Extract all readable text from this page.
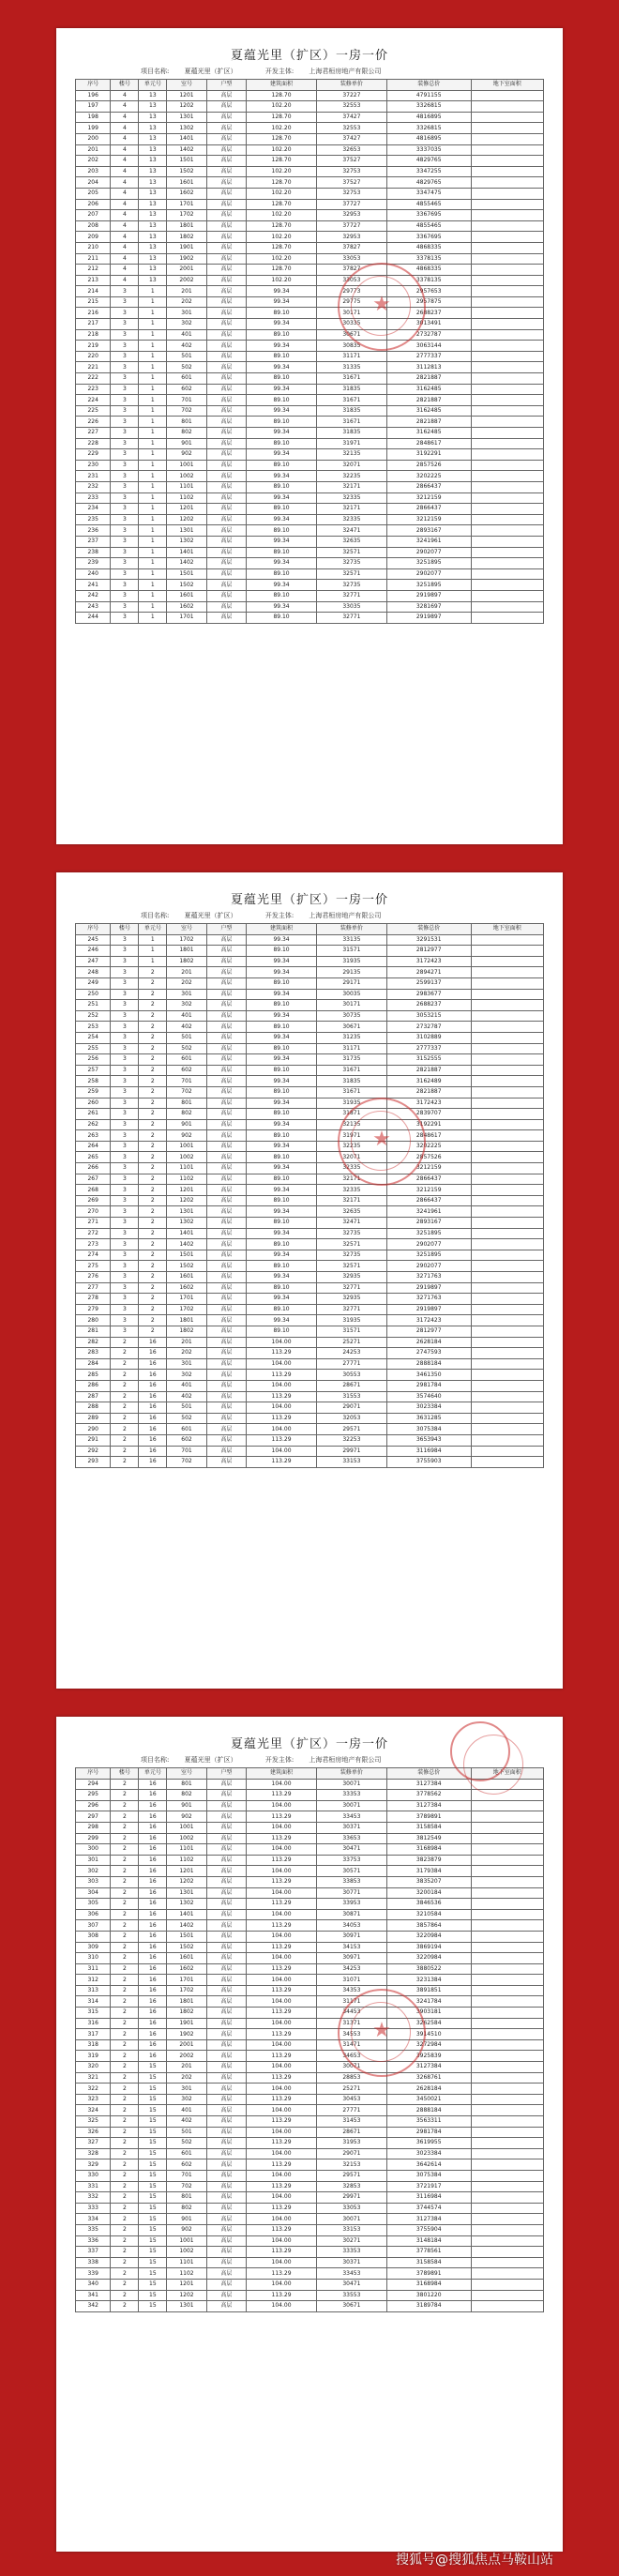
夏蕴光里（扩区）一房一价
项目名称: 夏蕴光里（扩区）	开发主体: 上海君桓房地产有限公司
序号	楼号	单元号	室号	户型	建筑面积	装修单价	装修总价	地下室面积
196	4	13	1201	高层	128.70	37227	4791155	
197	4	13	1202	高层	102.20	32553	3326815	
198	4	13	1301	高层	128.70	37427	4816895	
199	4	13	1302	高层	102.20	32553	3326815	
200	4	13	1401	高层	128.70	37427	4816895	
201	4	13	1402	高层	102.20	32653	3337035	
202	4	13	1501	高层	128.70	37527	4829765	
203	4	13	1502	高层	102.20	32753	3347255	
204	4	13	1601	高层	128.70	37527	4829765	
205	4	13	1602	高层	102.20	32753	3347475	
206	4	13	1701	高层	128.70	37727	4855465	
207	4	13	1702	高层	102.20	32953	3367695	
208	4	13	1801	高层	128.70	37727	4855465	
209	4	13	1802	高层	102.20	32953	3367695	
210	4	13	1901	高层	128.70	37827	4868335	
211	4	13	1902	高层	102.20	33053	3378135	
212	4	13	2001	高层	128.70	37827	4868335	
213	4	13	2002	高层	102.20	33053	3378135	
214	3	1	201	高层	99.34	29773	2957653	
215	3	1	202	高层	99.34	29775	2957875	
216	3	1	301	高层	89.10	30171	2688237	
217	3	1	302	高层	99.34	30335	3013491	
218	3	1	401	高层	89.10	30671	2732787	
219	3	1	402	高层	99.34	30835	3063144	
220	3	1	501	高层	89.10	31171	2777337	
221	3	1	502	高层	99.34	31335	3112813	
222	3	1	601	高层	89.10	31671	2821887	
223	3	1	602	高层	99.34	31835	3162485	
224	3	1	701	高层	89.10	31671	2821887	
225	3	1	702	高层	99.34	31835	3162485	
226	3	1	801	高层	89.10	31671	2821887	
227	3	1	802	高层	99.34	31835	3162485	
228	3	1	901	高层	89.10	31971	2848617	
229	3	1	902	高层	99.34	32135	3192291	
230	3	1	1001	高层	89.10	32071	2857526	
231	3	1	1002	高层	99.34	32235	3202225	
232	3	1	1101	高层	89.10	32171	2866437	
233	3	1	1102	高层	99.34	32335	3212159	
234	3	1	1201	高层	89.10	32171	2866437	
235	3	1	1202	高层	99.34	32335	3212159	
236	3	1	1301	高层	89.10	32471	2893167	
237	3	1	1302	高层	99.34	32635	3241961	
238	3	1	1401	高层	89.10	32571	2902077	
239	3	1	1402	高层	99.34	32735	3251895	
240	3	1	1501	高层	89.10	32571	2902077	
241	3	1	1502	高层	99.34	32735	3251895	
242	3	1	1601	高层	89.10	32771	2919897	
243	3	1	1602	高层	99.34	33035	3281697	
244	3	1	1701	高层	89.10	32771	2919897	
★
夏蕴光里（扩区）一房一价
项目名称: 夏蕴光里（扩区）	开发主体: 上海君桓房地产有限公司
序号	楼号	单元号	室号	户型	建筑面积	装修单价	装修总价	地下室面积
245	3	1	1702	高层	99.34	33135	3291531	
246	3	1	1801	高层	89.10	31571	2812977	
247	3	1	1802	高层	99.34	31935	3172423	
248	3	2	201	高层	99.34	29135	2894271	
249	3	2	202	高层	89.10	29171	2599137	
250	3	2	301	高层	99.34	30035	2983677	
251	3	2	302	高层	89.10	30171	2688237	
252	3	2	401	高层	99.34	30735	3053215	
253	3	2	402	高层	89.10	30671	2732787	
254	3	2	501	高层	99.34	31235	3102889	
255	3	2	502	高层	89.10	31171	2777337	
256	3	2	601	高层	99.34	31735	3152555	
257	3	2	602	高层	89.10	31671	2821887	
258	3	2	701	高层	99.34	31835	3162489	
259	3	2	702	高层	89.10	31671	2821887	
260	3	2	801	高层	99.34	31935	3172423	
261	3	2	802	高层	89.10	31871	2839707	
262	3	2	901	高层	99.34	32135	3192291	
263	3	2	902	高层	89.10	31971	2848617	
264	3	2	1001	高层	99.34	32235	3202225	
265	3	2	1002	高层	89.10	32071	2857526	
266	3	2	1101	高层	99.34	32335	3212159	
267	3	2	1102	高层	89.10	32171	2866437	
268	3	2	1201	高层	99.34	32335	3212159	
269	3	2	1202	高层	89.10	32171	2866437	
270	3	2	1301	高层	99.34	32635	3241961	
271	3	2	1302	高层	89.10	32471	2893167	
272	3	2	1401	高层	99.34	32735	3251895	
273	3	2	1402	高层	89.10	32571	2902077	
274	3	2	1501	高层	99.34	32735	3251895	
275	3	2	1502	高层	89.10	32571	2902077	
276	3	2	1601	高层	99.34	32935	3271763	
277	3	2	1602	高层	89.10	32771	2919897	
278	3	2	1701	高层	99.34	32935	3271763	
279	3	2	1702	高层	89.10	32771	2919897	
280	3	2	1801	高层	99.34	31935	3172423	
281	3	2	1802	高层	89.10	31571	2812977	
282	2	16	201	高层	104.00	25271	2628184	
283	2	16	202	高层	113.29	24253	2747593	
284	2	16	301	高层	104.00	27771	2888184	
285	2	16	302	高层	113.29	30553	3461350	
286	2	16	401	高层	104.00	28671	2981784	
287	2	16	402	高层	113.29	31553	3574640	
288	2	16	501	高层	104.00	29071	3023384	
289	2	16	502	高层	113.29	32053	3631285	
290	2	16	601	高层	104.00	29571	3075384	
291	2	16	602	高层	113.29	32253	3653943	
292	2	16	701	高层	104.00	29971	3116984	
293	2	16	702	高层	113.29	33153	3755903	
★
夏蕴光里（扩区）一房一价
项目名称: 夏蕴光里（扩区）	开发主体: 上海君桓房地产有限公司
序号	楼号	单元号	室号	户型	建筑面积	装修单价	装修总价	地下室面积
294	2	16	801	高层	104.00	30071	3127384	
295	2	16	802	高层	113.29	33353	3778562	
296	2	16	901	高层	104.00	30071	3127384	
297	2	16	902	高层	113.29	33453	3789891	
298	2	16	1001	高层	104.00	30371	3158584	
299	2	16	1002	高层	113.29	33653	3812549	
300	2	16	1101	高层	104.00	30471	3168984	
301	2	16	1102	高层	113.29	33753	3823879	
302	2	16	1201	高层	104.00	30571	3179384	
303	2	16	1202	高层	113.29	33853	3835207	
304	2	16	1301	高层	104.00	30771	3200184	
305	2	16	1302	高层	113.29	33953	3846536	
306	2	16	1401	高层	104.00	30871	3210584	
307	2	16	1402	高层	113.29	34053	3857864	
308	2	16	1501	高层	104.00	30971	3220984	
309	2	16	1502	高层	113.29	34153	3869194	
310	2	16	1601	高层	104.00	30971	3220984	
311	2	16	1602	高层	113.29	34253	3880522	
312	2	16	1701	高层	104.00	31071	3231384	
313	2	16	1702	高层	113.29	34353	3891851	
314	2	16	1801	高层	104.00	31171	3241784	
315	2	16	1802	高层	113.29	34453	3903181	
316	2	16	1901	高层	104.00	31371	3262584	
317	2	16	1902	高层	113.29	34553	3914510	
318	2	16	2001	高层	104.00	31471	3272984	
319	2	16	2002	高层	113.29	34653	3925839	
320	2	15	201	高层	104.00	30071	3127384	
321	2	15	202	高层	113.29	28853	3268761	
322	2	15	301	高层	104.00	25271	2628184	
323	2	15	302	高层	113.29	30453	3450021	
324	2	15	401	高层	104.00	27771	2888184	
325	2	15	402	高层	113.29	31453	3563311	
326	2	15	501	高层	104.00	28671	2981784	
327	2	15	502	高层	113.29	31953	3619955	
328	2	15	601	高层	104.00	29071	3023384	
329	2	15	602	高层	113.29	32153	3642614	
330	2	15	701	高层	104.00	29571	3075384	
331	2	15	702	高层	113.29	32853	3721917	
332	2	15	801	高层	104.00	29971	3116984	
333	2	15	802	高层	113.29	33053	3744574	
334	2	15	901	高层	104.00	30071	3127384	
335	2	15	902	高层	113.29	33153	3755904	
336	2	15	1001	高层	104.00	30271	3148184	
337	2	15	1002	高层	113.29	33353	3778561	
338	2	15	1101	高层	104.00	30371	3158584	
339	2	15	1102	高层	113.29	33453	3789891	
340	2	15	1201	高层	104.00	30471	3168984	
341	2	15	1202	高层	113.29	33553	3801220	
342	2	15	1301	高层	104.00	30671	3189784	
★
搜狐号@搜狐焦点马鞍山站
